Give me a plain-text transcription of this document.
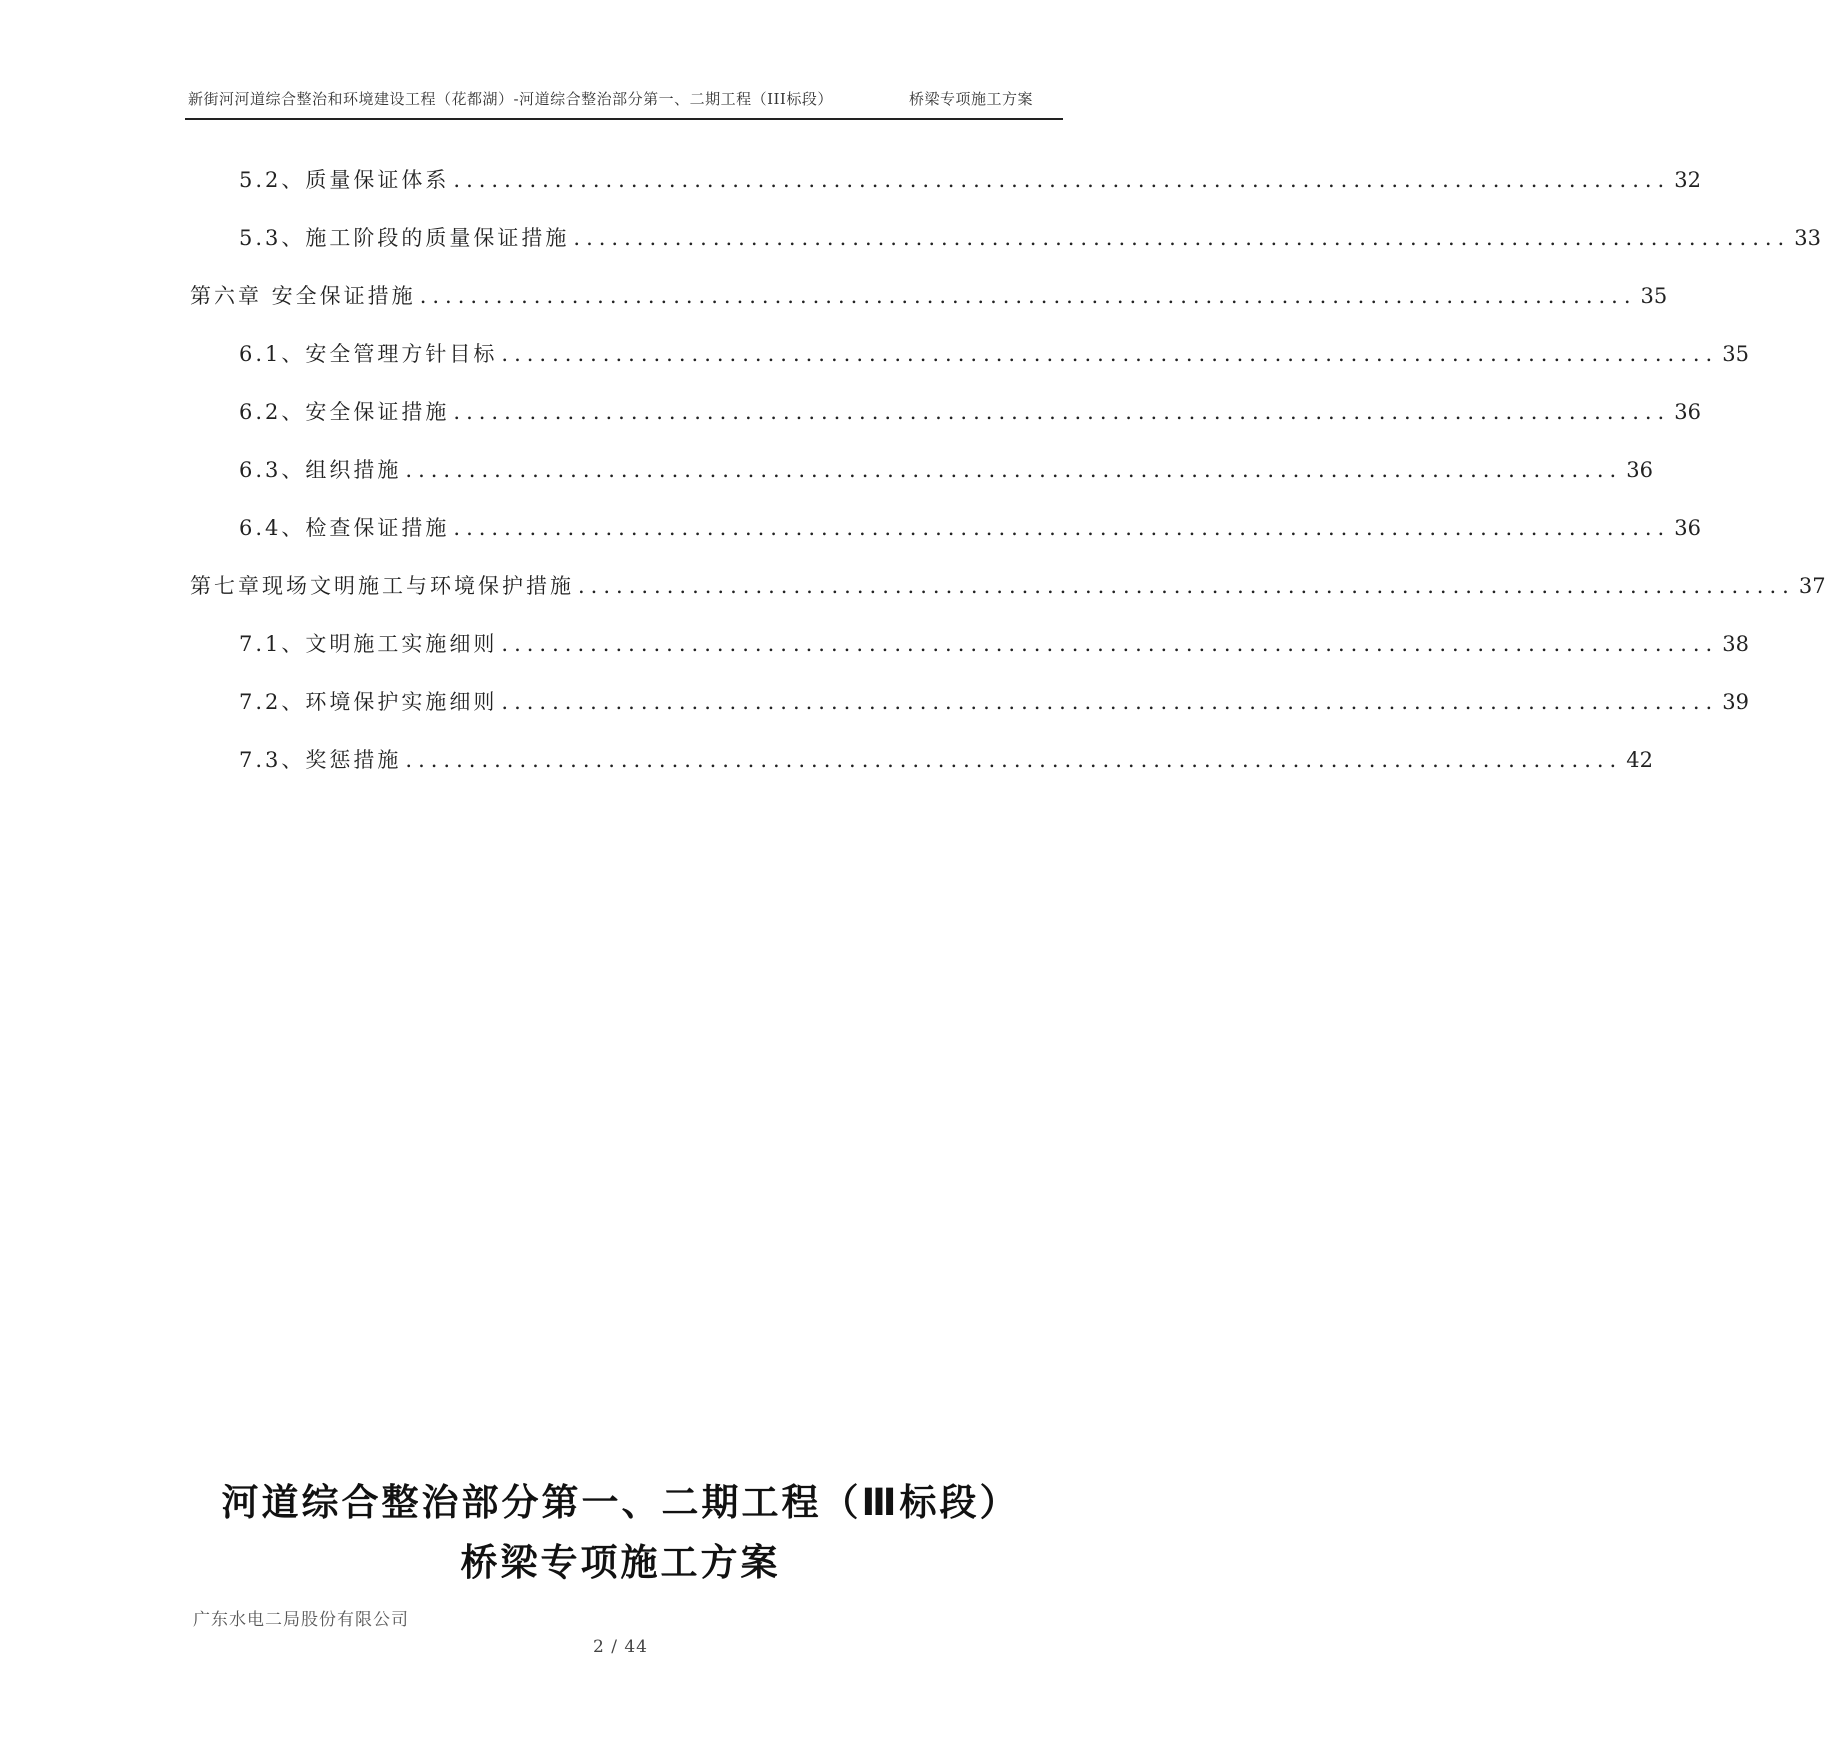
新街河河道综合整治和环境建设工程（花都湖）-河道综合整治部分第一、二期工程（III标段）	桥梁专项施工方案
5.2、质量保证体系 ................................................................................................ 32
5.3、施工阶段的质量保证措施 ................................................................................................ 33
第六章 安全保证措施 ................................................................................................ 35
6.1、安全管理方针目标 ................................................................................................ 35
6.2、安全保证措施 ................................................................................................ 36
6.3、组织措施 ................................................................................................ 36
6.4、检查保证措施 ................................................................................................ 36
第七章 现场文明施工与环境保护措施 ................................................................................................ 37
7.1、文明施工实施细则 ................................................................................................ 38
7.2、环境保护实施细则 ................................................................................................ 39
7.3、奖惩措施 ................................................................................................ 42
河道综合整治部分第一、二期工程（Ⅲ标段）
桥梁专项施工方案
广东水电二局股份有限公司
2 / 44
